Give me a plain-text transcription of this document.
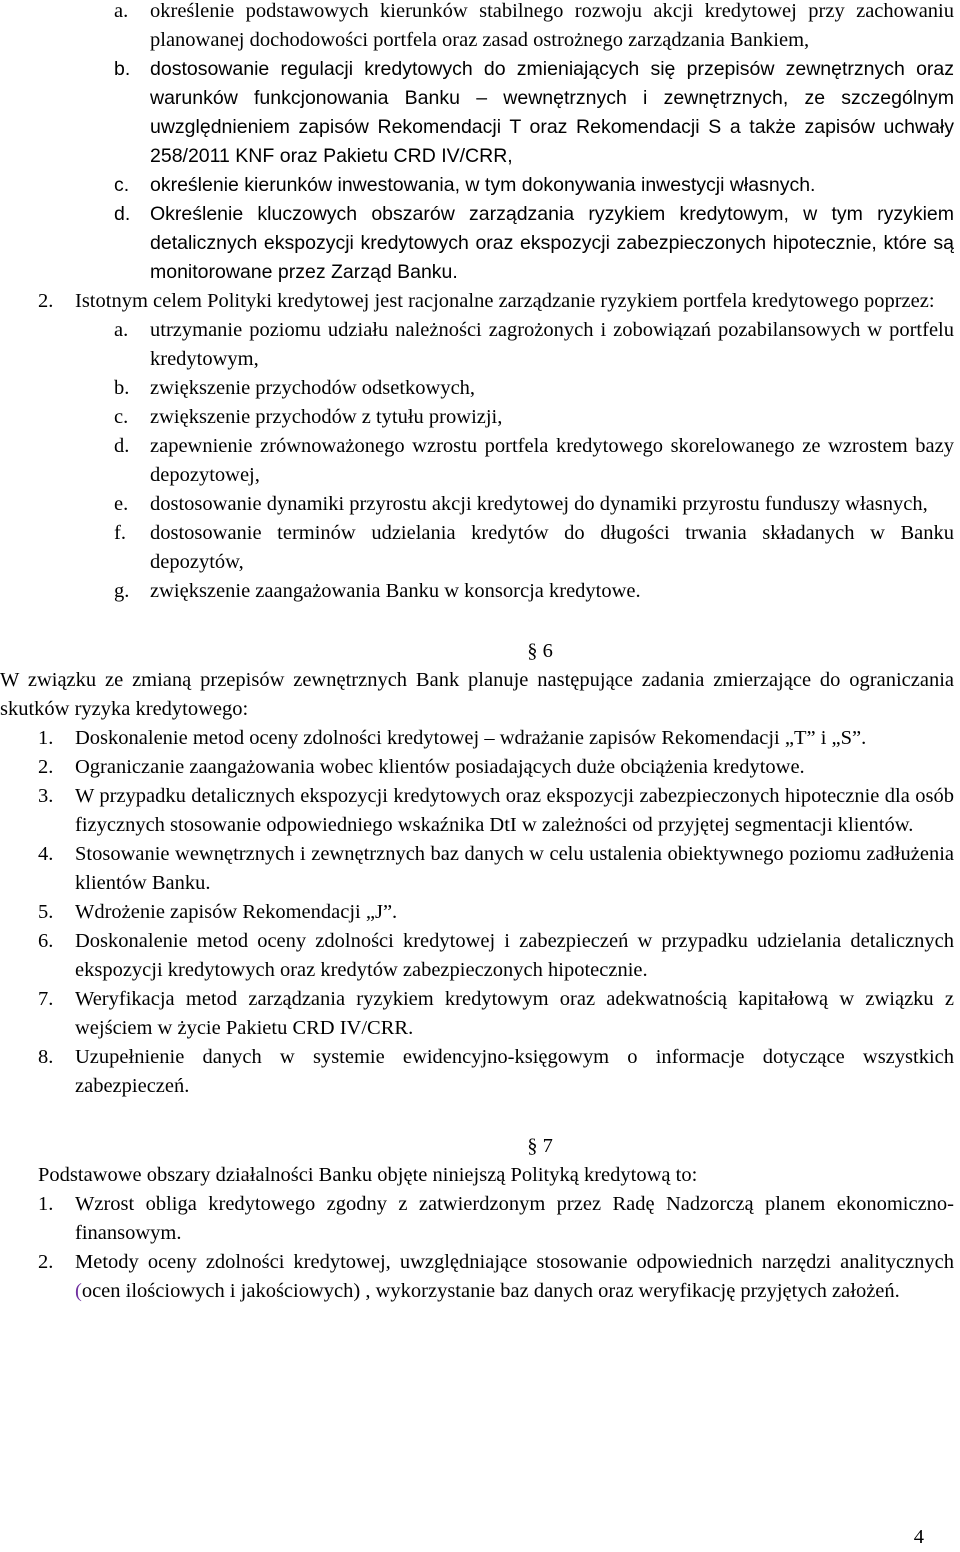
a. określenie podstawowych kierunków stabilnego rozwoju akcji kredytowej przy zachowaniu planowanej dochodowości portfela oraz zasad ostrożnego zarządzania Bankiem,
b. dostosowanie regulacji kredytowych do zmieniających się przepisów zewnętrznych oraz warunków funkcjonowania Banku – wewnętrznych i zewnętrznych, ze szczególnym uwzględnieniem zapisów Rekomendacji T oraz Rekomendacji S a także zapisów uchwały 258/2011 KNF oraz Pakietu CRD IV/CRR,
c. określenie kierunków inwestowania, w tym dokonywania inwestycji własnych.
d. Określenie kluczowych obszarów zarządzania ryzykiem kredytowym, w tym ryzykiem detalicznych ekspozycji kredytowych oraz ekspozycji zabezpieczonych hipotecznie, które są monitorowane przez Zarząd Banku.
2. Istotnym celem Polityki kredytowej jest racjonalne zarządzanie ryzykiem portfela kredytowego poprzez:
a. utrzymanie poziomu udziału należności zagrożonych i zobowiązań pozabilansowych w portfelu kredytowym,
b. zwiększenie przychodów odsetkowych,
c. zwiększenie przychodów z tytułu prowizji,
d. zapewnienie zrównoważonego wzrostu portfela kredytowego skorelowanego ze wzrostem bazy depozytowej,
e. dostosowanie dynamiki przyrostu akcji kredytowej do dynamiki przyrostu funduszy własnych,
f. dostosowanie terminów udzielania kredytów do długości trwania składanych w Banku depozytów,
g. zwiększenie zaangażowania Banku w konsorcja kredytowe.
§ 6
W związku ze zmianą przepisów zewnętrznych Bank planuje następujące zadania zmierzające do ograniczania skutków ryzyka kredytowego:
1. Doskonalenie metod oceny zdolności kredytowej – wdrażanie zapisów Rekomendacji „T” i „S”.
2. Ograniczanie zaangażowania wobec klientów posiadających duże obciążenia kredytowe.
3. W przypadku detalicznych ekspozycji kredytowych oraz ekspozycji zabezpieczonych hipotecznie dla osób fizycznych stosowanie odpowiedniego wskaźnika DtI w zależności od przyjętej segmentacji klientów.
4. Stosowanie wewnętrznych i zewnętrznych baz danych w celu ustalenia obiektywnego poziomu zadłużenia klientów Banku.
5. Wdrożenie zapisów Rekomendacji „J”.
6. Doskonalenie metod oceny zdolności kredytowej i zabezpieczeń w przypadku udzielania detalicznych ekspozycji kredytowych oraz kredytów zabezpieczonych hipotecznie.
7. Weryfikacja metod zarządzania ryzykiem kredytowym oraz adekwatnością kapitałową w związku z wejściem w życie Pakietu CRD IV/CRR.
8. Uzupełnienie danych w systemie ewidencyjno-księgowym o informacje dotyczące wszystkich zabezpieczeń.
§ 7
Podstawowe obszary działalności Banku objęte niniejszą Polityką kredytową to:
1. Wzrost obliga kredytowego zgodny z zatwierdzonym przez Radę Nadzorczą planem ekonomiczno-finansowym.
2. Metody oceny zdolności kredytowej, uwzględniające stosowanie odpowiednich narzędzi analitycznych (ocen ilościowych i jakościowych) , wykorzystanie baz danych oraz weryfikację przyjętych założeń.
4
